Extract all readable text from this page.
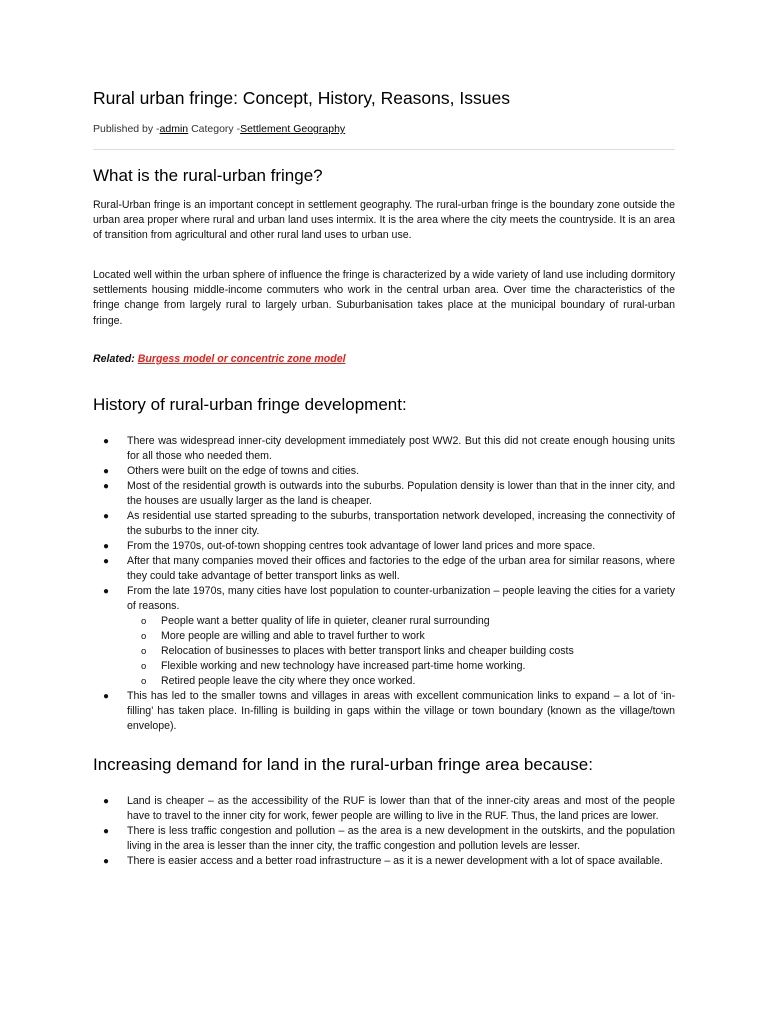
Rural urban fringe: Concept, History, Reasons, Issues
Published by -admin Category -Settlement Geography
What is the rural-urban fringe?

Rural-Urban fringe is an important concept in settlement geography. The rural-urban fringe is the boundary zone outside the urban area proper where rural and urban land uses intermix. It is the area where the city meets the countryside. It is an area of transition from agricultural and other rural land uses to urban use.

Located well within the urban sphere of influence the fringe is characterized by a wide variety of land use including dormitory settlements housing middle-income commuters who work in the central urban area. Over time the characteristics of the fringe change from largely rural to largely urban. Suburbanisation takes place at the municipal boundary of rural-urban fringe.

Related: Burgess model or concentric zone model
History of rural-urban fringe development:
● There was widespread inner-city development immediately post WW2. But this did not create enough housing units for all those who needed them.
● Others were built on the edge of towns and cities.
● Most of the residential growth is outwards into the suburbs. Population density is lower than that in the inner city, and the houses are usually larger as the land is cheaper.
● As residential use started spreading to the suburbs, transportation network developed, increasing the connectivity of the suburbs to the inner city.
● From the 1970s, out-of-town shopping centres took advantage of lower land prices and more space.
● After that many companies moved their offices and factories to the edge of the urban area for similar reasons, where they could take advantage of better transport links as well.
● From the late 1970s, many cities have lost population to counter-urbanization – people leaving the cities for a variety of reasons.
o People want a better quality of life in quieter, cleaner rural surrounding
o More people are willing and able to travel further to work
o Relocation of businesses to places with better transport links and cheaper building costs
o Flexible working and new technology have increased part-time home working.
o Retired people leave the city where they once worked.
● This has led to the smaller towns and villages in areas with excellent communication links to expand – a lot of ‘in-filling’ has taken place. In-filling is building in gaps within the village or town boundary (known as the village/town envelope).
Increasing demand for land in the rural-urban fringe area because:
● Land is cheaper – as the accessibility of the RUF is lower than that of the inner-city areas and most of the people have to travel to the inner city for work, fewer people are willing to live in the RUF. Thus, the land prices are lower.
● There is less traffic congestion and pollution – as the area is a new development in the outskirts, and the population living in the area is lesser than the inner city, the traffic congestion and pollution levels are lesser.
● There is easier access and a better road infrastructure – as it is a newer development with a lot of space available.
